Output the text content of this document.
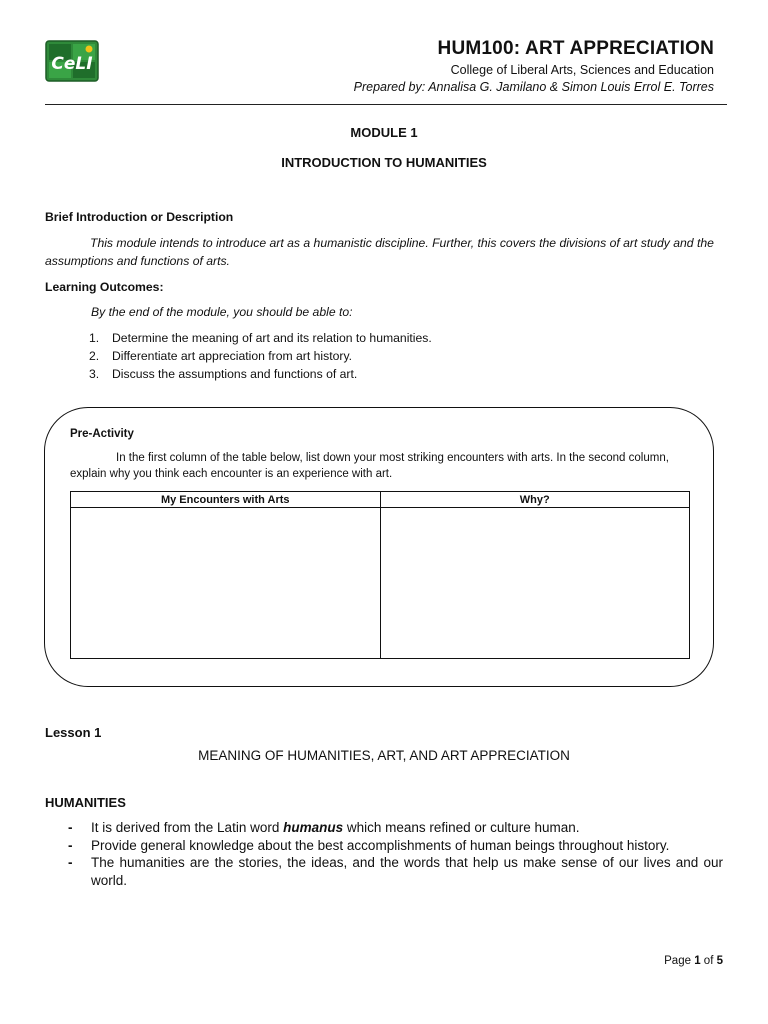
CeLI
HUM100: ART APPRECIATION
College of Liberal Arts, Sciences and Education
Prepared by: Annalisa G. Jamilano & Simon Louis Errol E. Torres
MODULE 1
INTRODUCTION TO HUMANITIES
Brief Introduction or Description
This module intends to introduce art as a humanistic discipline. Further, this covers the divisions of art study and the assumptions and functions of arts.
Learning Outcomes:
By the end of the module, you should be able to:
1. Determine the meaning of art and its relation to humanities.
2. Differentiate art appreciation from art history.
3. Discuss the assumptions and functions of art.
Pre-Activity
In the first column of the table below, list down your most striking encounters with arts. In the second column, explain why you think each encounter is an experience with art.
My Encounters with Arts	Why?

Lesson 1
MEANING OF HUMANITIES, ART, AND ART APPRECIATION
HUMANITIES
- It is derived from the Latin word humanus which means refined or culture human.
- Provide general knowledge about the best accomplishments of human beings throughout history.
- The humanities are the stories, the ideas, and the words that help us make sense of our lives and our world.
Page 1 of 5
